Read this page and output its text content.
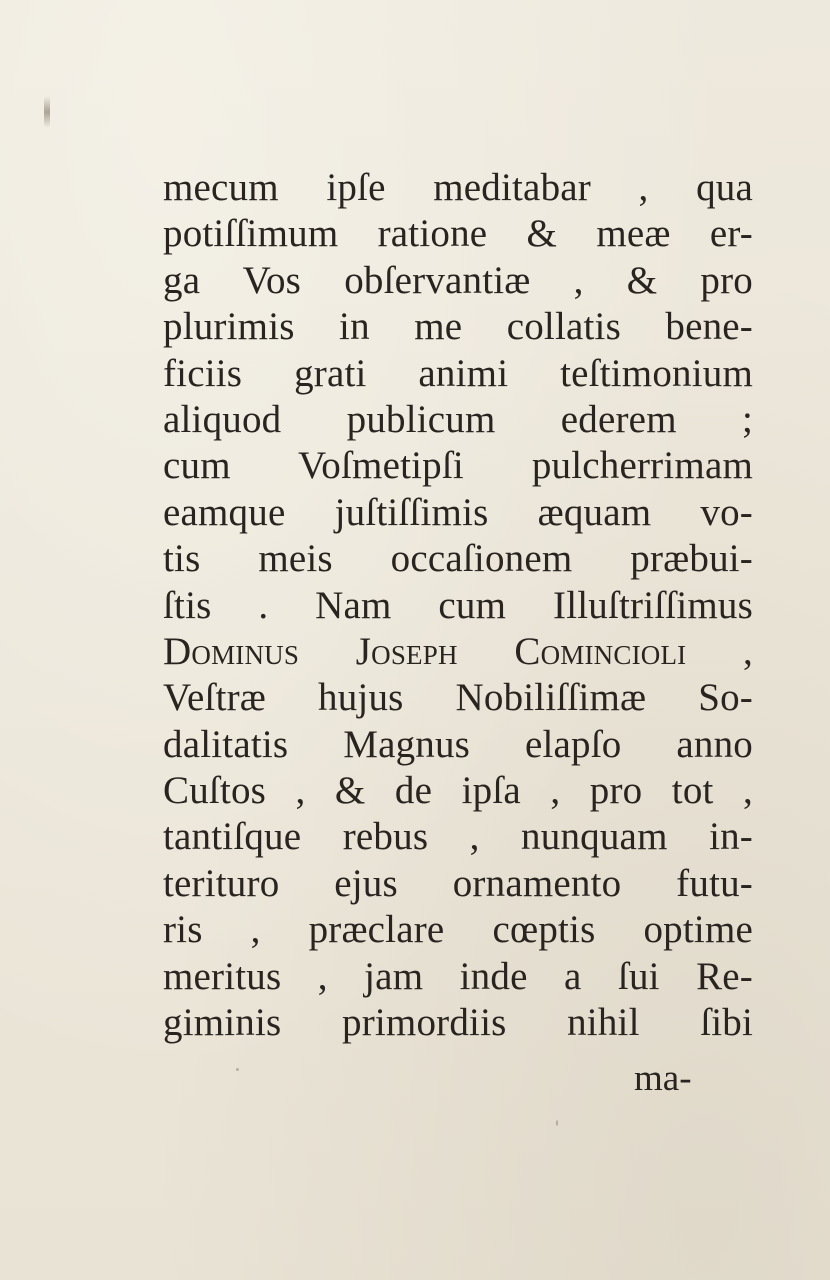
mecum ipſe meditabar , qua
potiſſimum ratione & meæ er-
ga Vos obſervantiæ , & pro
plurimis in me collatis bene-
ficiis grati animi teſtimonium
aliquod publicum ederem ;
cum Voſmetipſi pulcherrimam
eamque juſtiſſimis æquam vo-
tis meis occaſionem præbui-
ſtis . Nam cum Illuſtriſſimus
Dominus Joseph Comincioli ,
Veſtræ hujus Nobiliſſimæ So-
dalitatis Magnus elapſo anno
Cuſtos , & de ipſa , pro tot ,
tantiſque rebus , nunquam in-
terituro ejus ornamento futu-
ris , præclare cœptis optime
meritus , jam inde a ſui Re-
giminis primordiis nihil ſibi
ma-
